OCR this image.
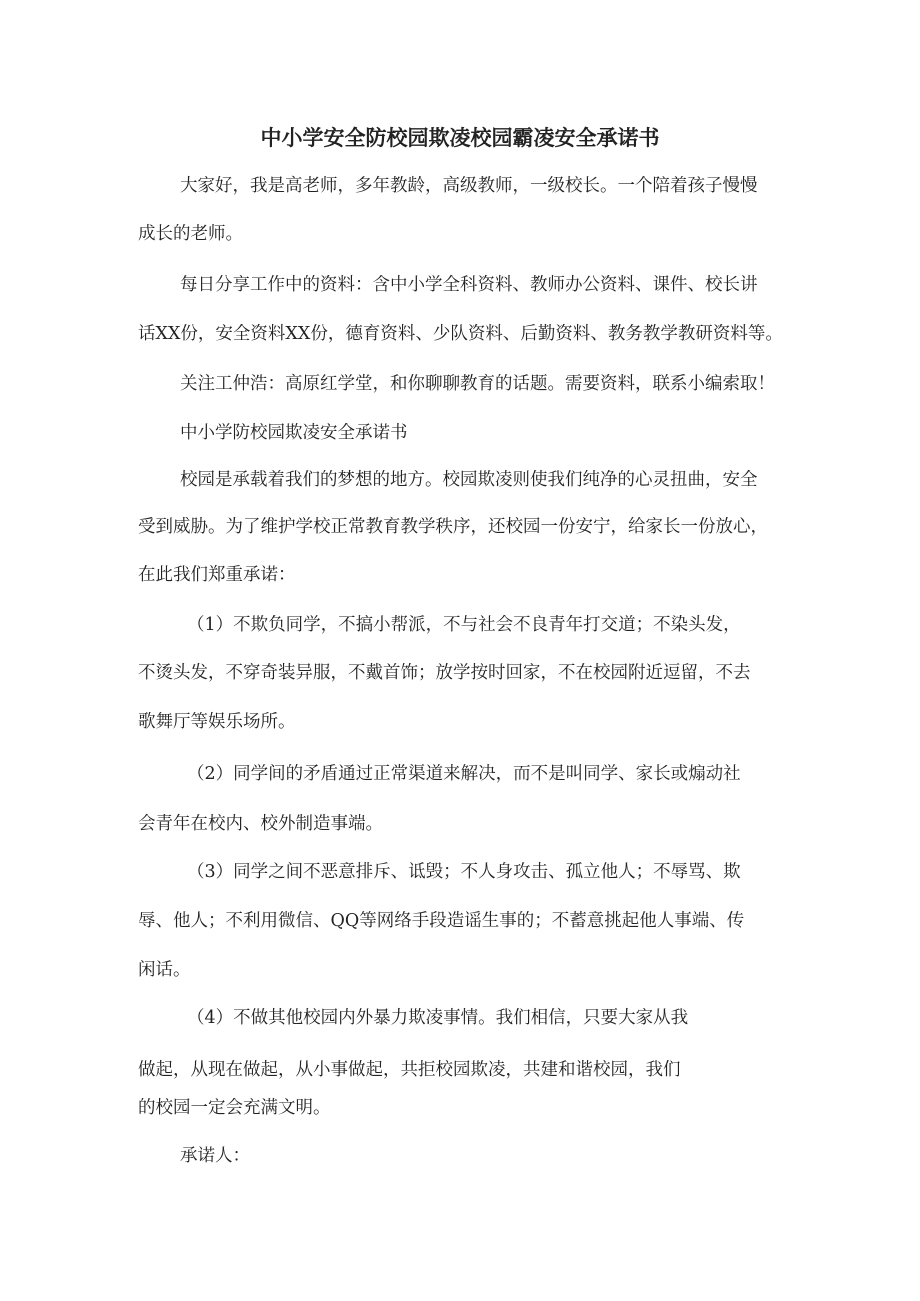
中小学安全防校园欺凌校园霸凌安全承诺书

大家好，我是高老师，多年教龄，高级教师，一级校长。一个陪着孩子慢慢

成长的老师。

每日分享工作中的资料：含中小学全科资料、教师办公资料、课件、校长讲

话XX份，安全资料XX份，德育资料、少队资料、后勤资料、教务教学教研资料等。

关注工仲浩：高原红学堂，和你聊聊教育的话题。需要资料，联系小编索取！

中小学防校园欺凌安全承诺书

校园是承载着我们的梦想的地方。校园欺凌则使我们纯净的心灵扭曲，安全

受到威胁。为了维护学校正常教育教学秩序，还校园一份安宁，给家长一份放心，

在此我们郑重承诺：

（1）不欺负同学，不搞小帮派，不与社会不良青年打交道；不染头发，

不烫头发，不穿奇装异服，不戴首饰；放学按时回家，不在校园附近逗留，不去

歌舞厅等娱乐场所。

（2）同学间的矛盾通过正常渠道来解决，而不是叫同学、家长或煽动社

会青年在校内、校外制造事端。

（3）同学之间不恶意排斥、诋毁；不人身攻击、孤立他人；不辱骂、欺

辱、他人；不利用微信、QQ等网络手段造谣生事的；不蓄意挑起他人事端、传

闲话。

（4）不做其他校园内外暴力欺凌事情。我们相信，只要大家从我

做起，从现在做起，从小事做起，共拒校园欺凌，共建和谐校园，我们

的校园一定会充满文明。

承诺人：
